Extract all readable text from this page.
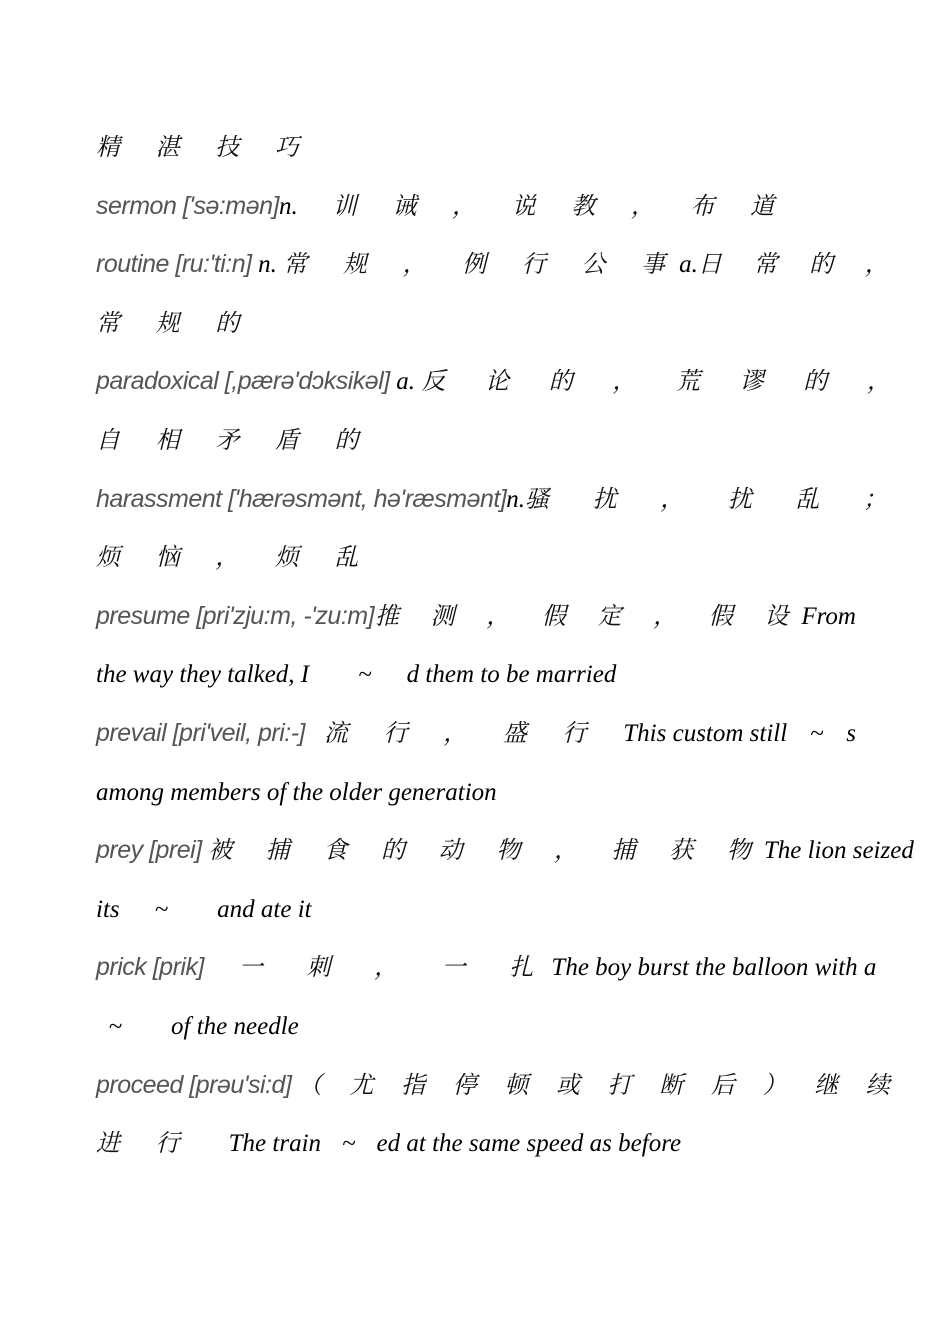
精 湛 技 巧
sermon ['sə:mən]n. 训 诫 ， 说 教 ， 布 道
routine [ru:'ti:n] n. 常 规 ， 例 行 公 事 a. 日 常 的 ，
常 规 的
paradoxical [,pærə'dɔksikəl] a. 反 论 的 ， 荒 谬 的 ，
自 相 矛 盾 的
harassment ['hærəsmənt, hə'ræsmənt]n. 骚 扰 ， 扰 乱 ；
烦 恼 ， 烦 乱
presume [pri'zju:m, -'zu:m] 推 测 ， 假 定 ， 假 设 From
the way they talked, I ~ d them to be married
prevail [pri'veil, pri:-] 流 行 ， 盛 行 This custom still ~ s
among members of the older generation
prey [prei] 被 捕 食 的 动 物 ， 捕 获 物 The lion seized
its ~ and ate it
prick [prik] 一 刺 ， 一 扎 The boy burst the balloon with a
~ of the needle
proceed [prəu'si:d] （ 尤 指 停 顿 或 打 断 后 ） 继 续
进 行 The train ~ ed at the same speed as before
